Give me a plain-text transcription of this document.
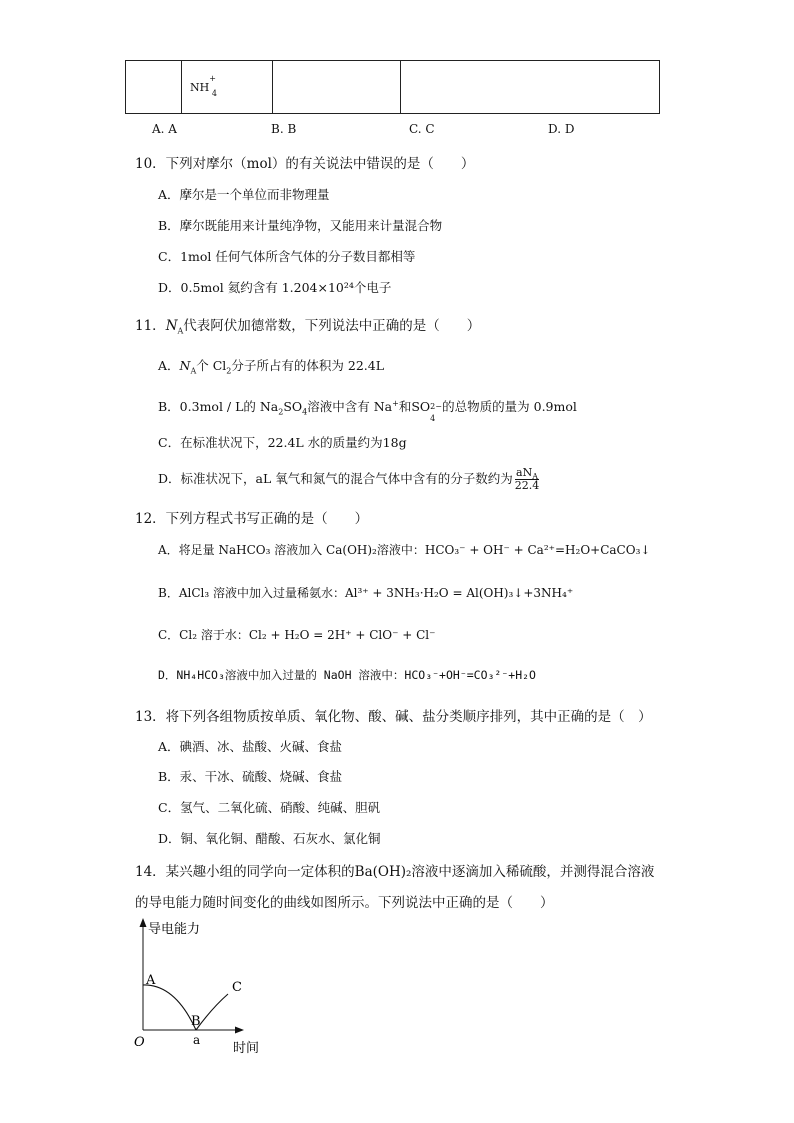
	$NH^+_4$		
A. A	B. B	C. C	D. D
10．下列对摩尔（mol）的有关说法中错误的是（　　）
A．摩尔是一个单位而非物理量
B．摩尔既能用来计量纯净物，又能用来计量混合物
C．1mol 任何气体所含气体的分子数目都相等
D．0.5mol 氦约含有 1.204×10²⁴个电子
11．$N_A$代表阿伏加德常数，下列说法中正确的是（　　）
A．$N_A$个 $Cl_2$分子所占有的体积为 22.4L
B．0.3mol / L的 $Na_2SO_4$溶液中含有 Na+和SO 2−
4
的总物质的量为 0.9mol
C．在标准状况下，22.4L 水的质量约为18g
D．标准状况下，aL 氧气和氮气的混合气体中含有的分子数约为 $\frac{aN_A}{22.4}$
12．下列方程式书写正确的是（　　）
A．将足量 NaHCO₃ 溶液加入 Ca(OH)₂溶液中：HCO₃⁻ + OH⁻ + Ca²⁺=H₂O+CaCO₃↓
B．AlCl₃ 溶液中加入过量稀氨水：Al³⁺ + 3NH₃·H₂O = Al(OH)₃↓+3NH₄⁺
C．Cl₂ 溶于水：Cl₂ + H₂O = 2H⁺ + ClO⁻ + Cl⁻
D．NH₄HCO₃溶液中加入过量的 NaOH 溶液中：HCO₃⁻+OH⁻=CO₃²⁻+H₂O
13．将下列各组物质按单质、氧化物、酸、碱、盐分类顺序排列，其中正确的是（　）
A．碘酒、冰、盐酸、火碱、食盐
B．汞、干冰、硫酸、烧碱、食盐
C．氢气、二氧化硫、硝酸、纯碱、胆矾
D．铜、氧化铜、醋酸、石灰水、氯化铜
14．某兴趣小组的同学向一定体积的Ba(OH)₂溶液中逐滴加入稀硫酸，并测得混合溶液
的导电能力随时间变化的曲线如图所示。下列说法中正确的是（　　）
导电能力
时间
O
A
B
C
a
